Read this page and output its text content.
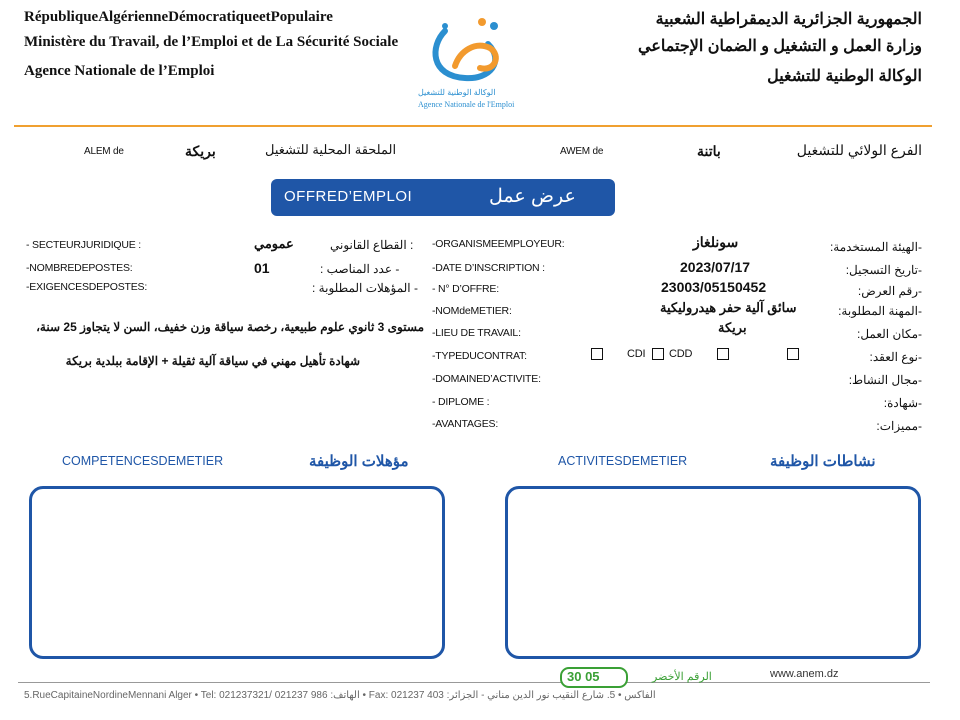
RépubliqueAlgérienneDémocratiqueetPopulaire
Ministère du Travail, de l’Emploi et de La Sécurité Sociale
Agence Nationale de l’Emploi
الوكالة الوطنية للتشغيل
Agence Nationale de l'Emploi
الجمهورية الجزائرية الديمقراطية الشعبية
وزارة العمل و التشغيل و الضمان الإجتماعي
الوكالة الوطنية للتشغيل
ALEM de	بريكة	الملحقة المحلية للتشغيل	AWEM de	باتنة	الفرع الولائي للتشغيل
OFFRED’EMPLOI	عرض عمل
- SECTEURJURIDIQUE :	عمومي	: القطاع القانوني
-NOMBREDEPOSTES:	01	- عدد المناصب :
-EXIGENCESDEPOSTES:	- المؤهلات المطلوبة :
مستوى 3 ثانوي علوم طبيعية، رخصة سياقة وزن خفيف، السن لا يتجاوز 25 سنة،
شهادة تأهيل مهني في سياقة آلية ثقيلة + الإقامة ببلدية بريكة
-ORGANISMEEMPLOYEUR:	سونلغاز	-الهيئة المستخدمة:
-DATE D’INSCRIPTION :	2023/07/17	-تاريخ التسجيل:
- N° D’OFFRE:	23003/05150452	-رقم العرض:
-NOMdeMETIER:	سائق آلية حفر هيدروليكية	-المهنة المطلوبة:
-LIEU DE TRAVAIL:	بريكة	-مكان العمل:
-TYPEDUCONTRAT:	CDI CDD	-نوع العقد:
-DOMAINED’ACTIVITE:	-مجال النشاط:
- DIPLOME :	-شهادة:
-AVANTAGES:	-مميزات:
COMPETENCESDEMETIER	مؤهلات الوظيفة	ACTIVITESDEMETIER	نشاطات الوظيفة
30 05	الرقم الأخضر	www.anem.dz
5.RueCapitaineNordineMennani Alger • Tel: 021237321/ 021237 986 :الهاتف • Fax: 021237 403 :الفاكس • 5. شارع النقيب نور الدين مناني - الجزائر
